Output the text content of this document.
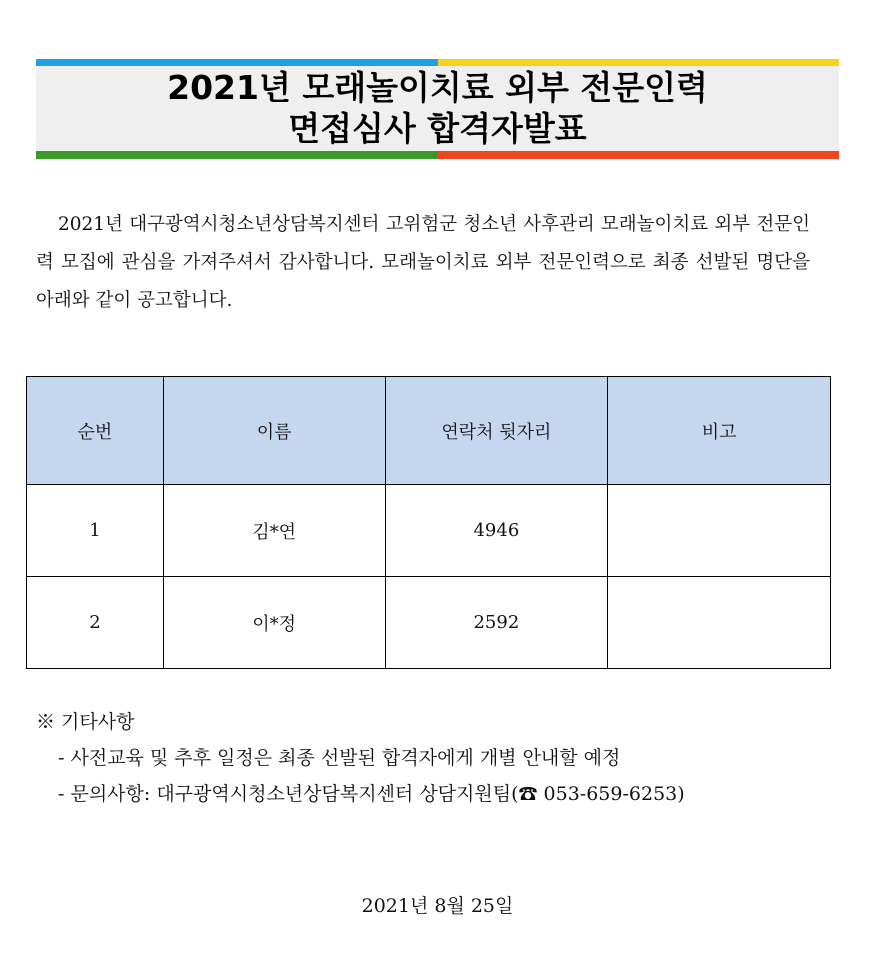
2021년 모래놀이치료 외부 전문인력
면접심사 합격자발표
2021년 대구광역시청소년상담복지센터 고위험군 청소년 사후관리 모래놀이치료 외부 전문인력 모집에 관심을 가져주셔서 감사합니다. 모래놀이치료 외부 전문인력으로 최종 선발된 명단을 아래와 같이 공고합니다.
순번	이름	연락처 뒷자리	비고
1	김*연	4946	
2	이*정	2592	
※ 기타사항
- 사전교육 및 추후 일정은 최종 선발된 합격자에게 개별 안내할 예정
- 문의사항: 대구광역시청소년상담복지센터 상담지원팀(☎ 053-659-6253)
2021년 8월 25일
